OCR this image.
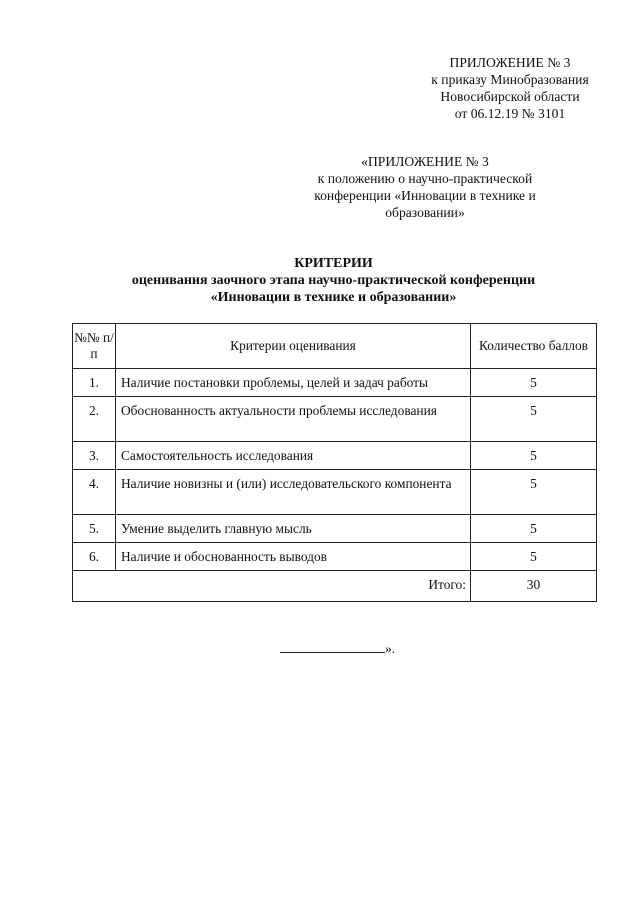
ПРИЛОЖЕНИЕ № 3
к приказу Минобразования
Новосибирской области
от 06.12.19 № 3101
«ПРИЛОЖЕНИЕ № 3
к положению о научно-практической
конференции «Инновации в технике и
образовании»
КРИТЕРИИ
оценивания заочного этапа научно-практической конференции
«Инновации в технике и образовании»
№№ п/п	Критерии оценивания	Количество баллов
1.	Наличие постановки проблемы, целей и задач работы	5
2.	Обоснованность актуальности проблемы исследования	5
3.	Самостоятельность исследования	5
4.	Наличие новизны и (или) исследовательского компонента	5
5.	Умение выделить главную мысль	5
6.	Наличие и обоснованность выводов	5
Итого:		30
».
